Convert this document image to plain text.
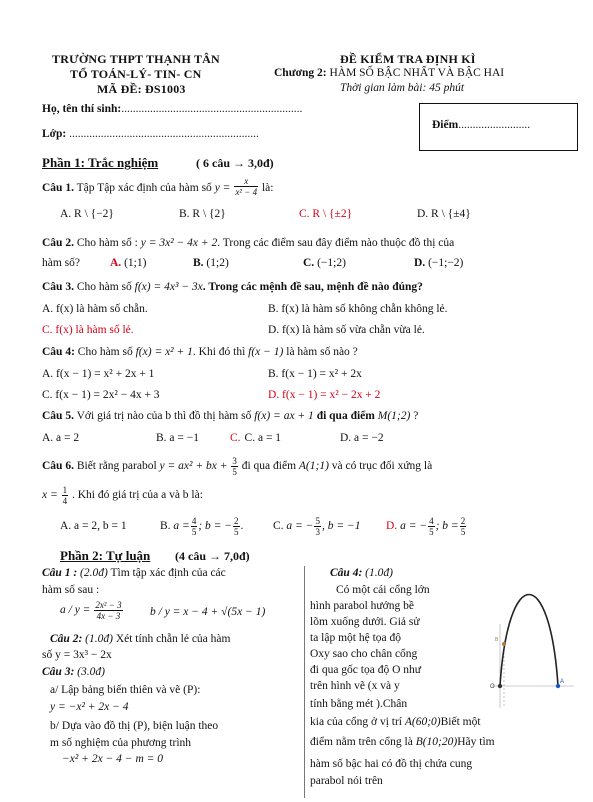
TRƯỜNG THPT THẠNH TÂN
TỔ TOÁN-LÝ- TIN- CN
MÃ ĐỀ: ĐS1003
ĐỀ KIỂM TRA ĐỊNH KÌ
Chương 2: HÀM SỐ BẬC NHẤT VÀ BẬC HAI
Thời gian làm bài: 45 phút
Họ, tên thí sinh:...............................................................
Lớp: ..................................................................
Điểm.........................
Phần 1: Trắc nghiệm	( 6 câu → 3,0đ)
Câu 1. Tập Tập xác định của hàm số $y = \frac{x}{\text{x² − 4}}$ là:
A. R \ {−2}	B. R \ {2}	C. R \ {±2}	D. R \ {±4}
Câu 2. Cho hàm số : y = 3x² − 4x + 2. Trong các điểm sau đây điểm nào thuộc đồ thị của
hàm số?	A. (1;1)	B. (1;2)	C. (−1;2)	D. (−1;−2)
Câu 3. Cho hàm số f(x) = 4x³ − 3x. Trong các mệnh đề sau, mệnh đề nào đúng?
A. f(x) là hàm số chẵn.	B. f(x) là hàm số không chẵn không lẻ.
C. f(x) là hàm số lẻ.	D. f(x) là hàm số vừa chẵn vừa lẻ.
Câu 4: Cho hàm số f(x) = x² + 1. Khi đó thì f(x − 1) là hàm số nào ?
A. f(x − 1) = x² + 2x + 1	B. f(x − 1) = x² + 2x
C. f(x − 1) = 2x² − 4x + 3	D. f(x − 1) = x² − 2x + 2
Câu 5. Với giá trị nào của b thì đồ thị hàm số f(x) = ax + 1 đi qua điểm M(1;2) ?
A. a = 2	B. a = −1	C. C. a = 1	D. a = −2
Câu 6. Biết rằng parabol y = ax² + bx + $\frac{3}{5}$ đi qua điểm A(1;1) và có trục đối xứng là
$x = \frac{1}{4}$ . Khi đó giá trị của a và b là:
A. a = 2, b = 1	B. $a = \frac{4}{5}$ ; b = − $\frac{2}{5}$ .	C. a = − $\frac{5}{3}$ , b = −1 D. a = − $\frac{4}{5}$ ; $b = \frac{2}{5}$
Phần 2: Tự luận (4 câu → 7,0đ)
Câu 1 : (2.0đ) Tìm tập xác định của các
hàm số sau :
$a / y = \frac{\text{2x² − 3}}{4x - 3}$ b / y = x − 4 + √(5x − 1)
Câu 2: (1.0đ) Xét tính chẵn lẻ của hàm
số y = 3x³ − 2x
Câu 3: (3.0đ)
a/ Lập bảng biến thiên và vẽ (P):
y = −x² + 2x − 4
b/ Dựa vào đồ thị (P), biện luận theo
m số nghiệm của phương trình
−x² + 2x − 4 − m = 0
Câu 4: (1.0đ)
Có một cái cổng lớn
hình parabol hướng bề
lõm xuống dưới. Giả sử
ta lập một hệ tọa độ
Oxy sao cho chân cổng
đi qua gốc tọa độ O như
trên hình vẽ (x và y
tính bằng mét ).Chân
kia của cổng ở vị trí A(60;0)Biết một
điểm nằm trên cổng là B(10;20)Hãy tìm
hàm số bậc hai có đồ thị chứa cung
parabol nói trên
O
A
B
